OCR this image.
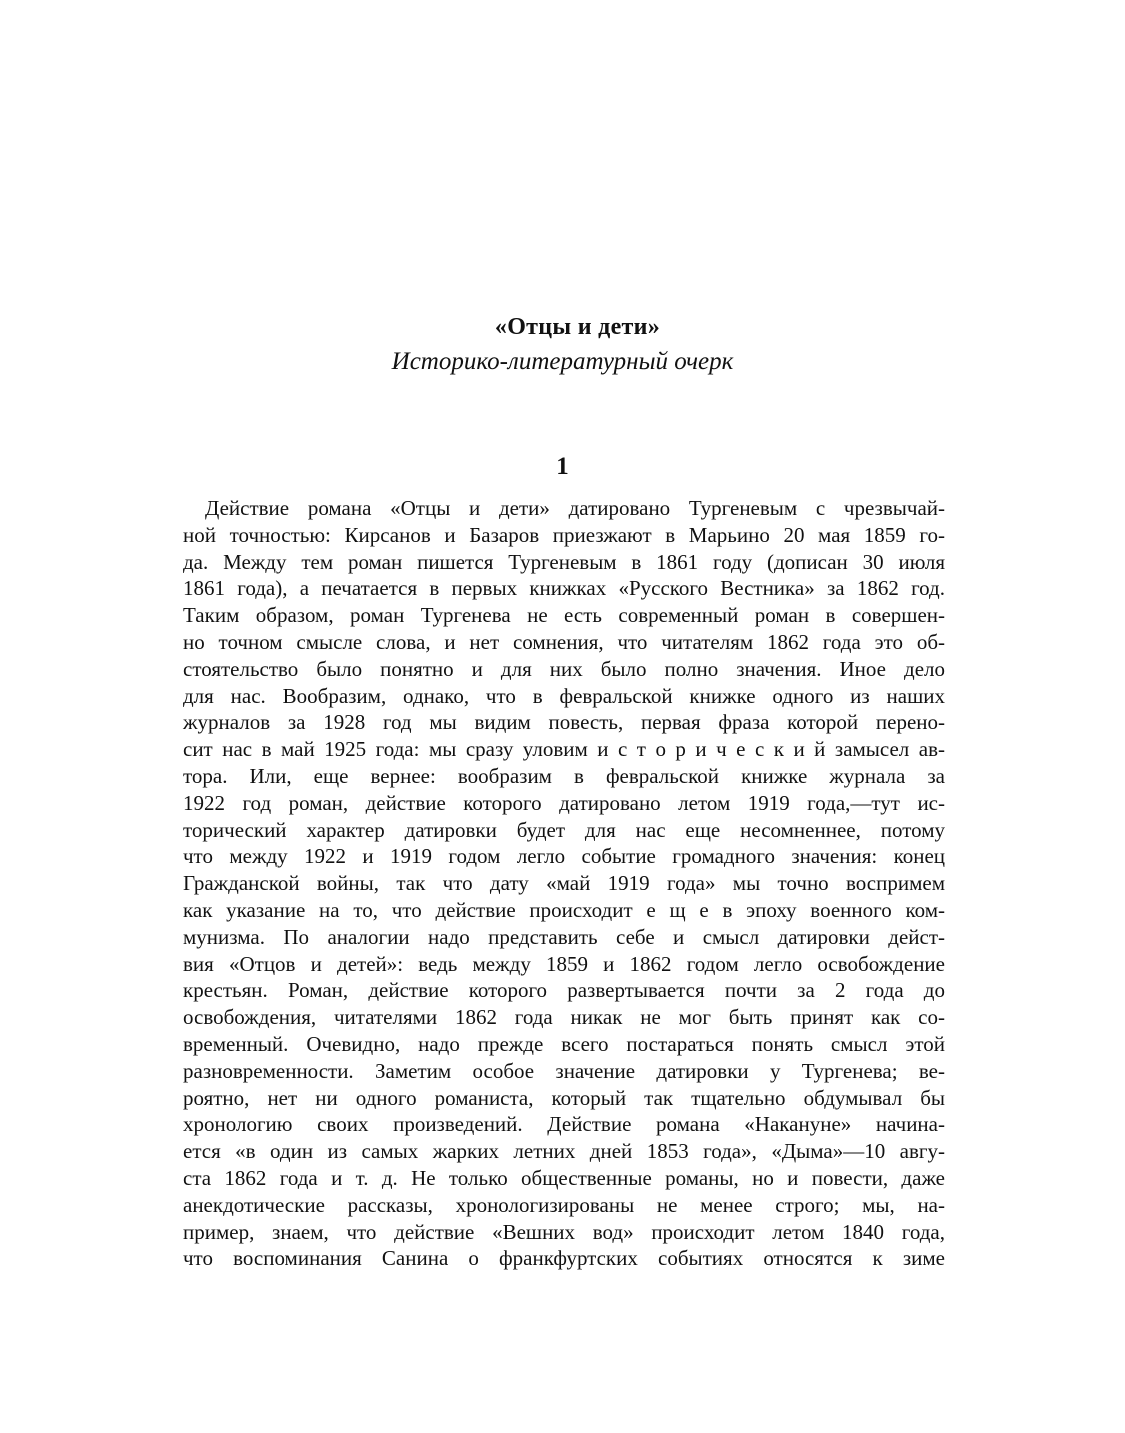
«Отцы и дети»
Историко-литературный очерк
1
Действие романа «Отцы и дети» датировано Тургеневым с чрезвычай-
ной точностью: Кирсанов и Базаров приезжают в Марьино 20 мая 1859 го-
да. Между тем роман пишется Тургеневым в 1861 году (дописан 30 июля
1861 года), а печатается в первых книжках «Русского Вестника» за 1862 год.
Таким образом, роман Тургенева не есть современный роман в совершен-
но точном смысле слова, и нет сомнения, что читателям 1862 года это об-
стоятельство было понятно и для них было полно значения. Иное дело
для нас. Вообразим, однако, что в февральской книжке одного из наших
журналов за 1928 год мы видим повесть, первая фраза которой перено-
сит нас в май 1925 года: мы сразу уловим и с т о р и ч е с к и й замысел ав-
тора. Или, еще вернее: вообразим в февральской книжке журнала за
1922 год роман, действие которого датировано летом 1919 года,—тут ис-
торический характер датировки будет для нас еще несомненнее, потому
что между 1922 и 1919 годом легло событие громадного значения: конец
Гражданской войны, так что дату «май 1919 года» мы точно воспримем
как указание на то, что действие происходит е щ е в эпоху военного ком-
мунизма. По аналогии надо представить себе и смысл датировки дейст-
вия «Отцов и детей»: ведь между 1859 и 1862 годом легло освобождение
крестьян. Роман, действие которого развертывается почти за 2 года до
освобождения, читателями 1862 года никак не мог быть принят как со-
временный. Очевидно, надо прежде всего постараться понять смысл этой
разновременности. Заметим особое значение датировки у Тургенева; ве-
роятно, нет ни одного романиста, который так тщательно обдумывал бы
хронологию своих произведений. Действие романа «Накануне» начина-
ется «в один из самых жарких летних дней 1853 года», «Дыма»—10 авгу-
ста 1862 года и т. д. Не только общественные романы, но и повести, даже
анекдотические рассказы, хронологизированы не менее строго; мы, на-
пример, знаем, что действие «Вешних вод» происходит летом 1840 года,
что воспоминания Санина о франкфуртских событиях относятся к зиме
